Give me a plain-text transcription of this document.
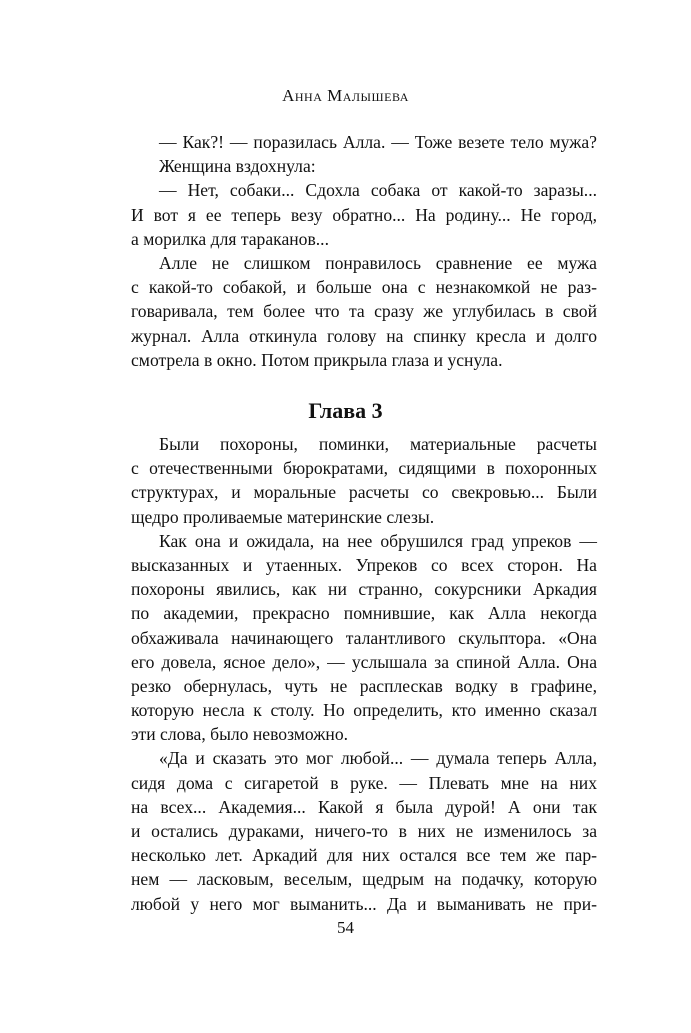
Анна Малышева
— Как?! — поразилась Алла. — Тоже везете тело мужа?
Женщина вздохнула:
— Нет, собаки... Сдохла собака от какой-то заразы...
И вот я ее теперь везу обратно... На родину... Не город,
а морилка для тараканов...
Алле не слишком понравилось сравнение ее мужа
с какой-то собакой, и больше она с незнакомкой не раз-
говаривала, тем более что та сразу же углубилась в свой
журнал. Алла откинула голову на спинку кресла и долго
смотрела в окно. Потом прикрыла глаза и уснула.
Глава 3
Были похороны, поминки, материальные расчеты
с отечественными бюрократами, сидящими в похоронных
структурах, и моральные расчеты со свекровью... Были
щедро проливаемые материнские слезы.
Как она и ожидала, на нее обрушился град упреков —
высказанных и утаенных. Упреков со всех сторон. На
похороны явились, как ни странно, сокурсники Аркадия
по академии, прекрасно помнившие, как Алла некогда
обхаживала начинающего талантливого скульптора. «Она
его довела, ясное дело», — услышала за спиной Алла. Она
резко обернулась, чуть не расплескав водку в графине,
которую несла к столу. Но определить, кто именно сказал
эти слова, было невозможно.
«Да и сказать это мог любой... — думала теперь Алла,
сидя дома с сигаретой в руке. — Плевать мне на них
на всех... Академия... Какой я была дурой! А они так
и остались дураками, ничего-то в них не изменилось за
несколько лет. Аркадий для них остался все тем же пар-
нем — ласковым, веселым, щедрым на подачку, которую
любой у него мог выманить... Да и выманивать не при-
54
